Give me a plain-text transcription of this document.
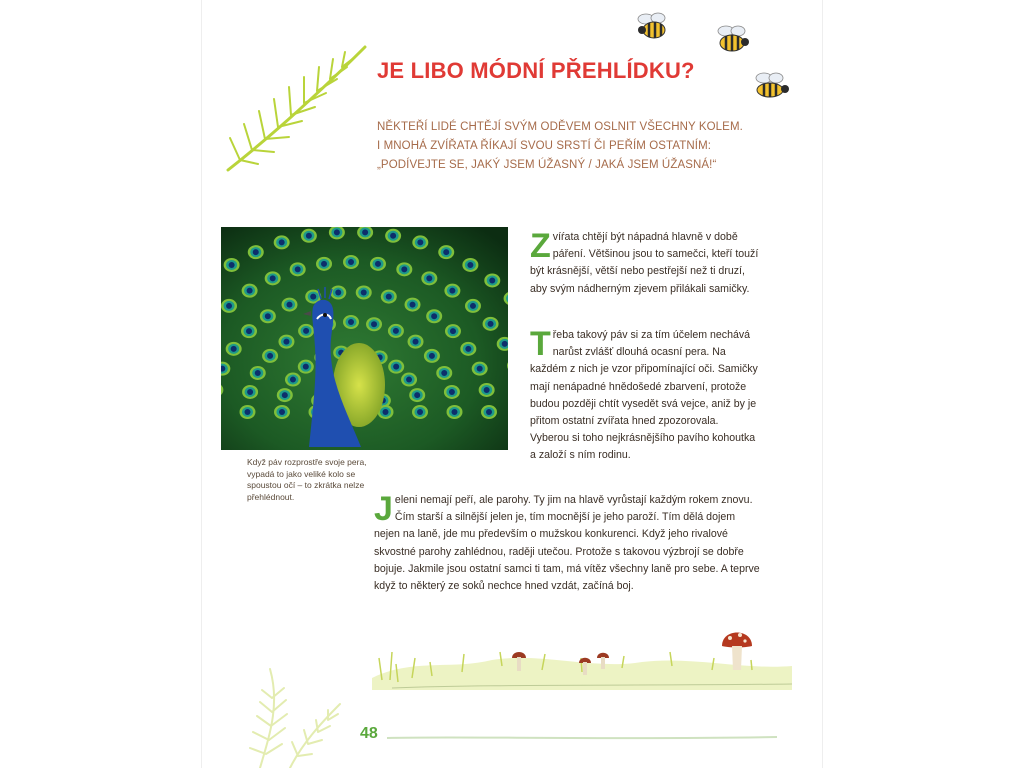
JE LIBO MÓDNÍ PŘEHLÍDKU?
NĚKTEŘÍ LIDÉ CHTĚJÍ SVÝM ODĚVEM OSLNIT VŠECHNY KOLEM.
I MNOHÁ ZVÍŘATA ŘÍKAJÍ SVOU SRSTÍ ČI PEŘÍM OSTATNÍM:
„PODÍVEJTE SE, JAKÝ JSEM ÚŽASNÝ / JAKÁ JSEM ÚŽASNÁ!“
Když páv rozprostře svoje pera, vypadá to jako veliké kolo se spoustou očí – to zkrátka nelze přehlédnout.
Z víŕata chtějí být nápadná hlavně v době páření. Většinou jsou to samečci, kteří touží být krásnější, větší nebo pestřejší než ti druzí, aby svým nádherným zjevem přilákali samičky.
T řeba takový páv si za tím účelem nechává narůst zvlášť dlouhá ocasní pera. Na každém z nich je vzor připomínající oči. Samičky mají nenápadné hnědošedé zbarvení, protože budou později chtít vysedět svá vejce, aniž by je přitom ostatní zvířata hned zpozorovala. Vyberou si toho nejkrásnějšího pavího kohoutka a založí s ním rodinu.
J eleni nemají peří, ale parohy. Ty jim na hlavě vyrůstají každým rokem znovu. Čím starší a silnější jelen je, tím mocnější je jeho paroží. Tím dělá dojem nejen na laně, jde mu především o mužskou konkurenci. Když jeho rivalové skvostné parohy zahlédnou, raději utečou. Protože s takovou výzbrojí se dobře bojuje. Jakmile jsou ostatní samci ti tam, má vítěz všechny laně pro sebe. A teprve když to některý ze soků nechce hned vzdát, začíná boj.
48
